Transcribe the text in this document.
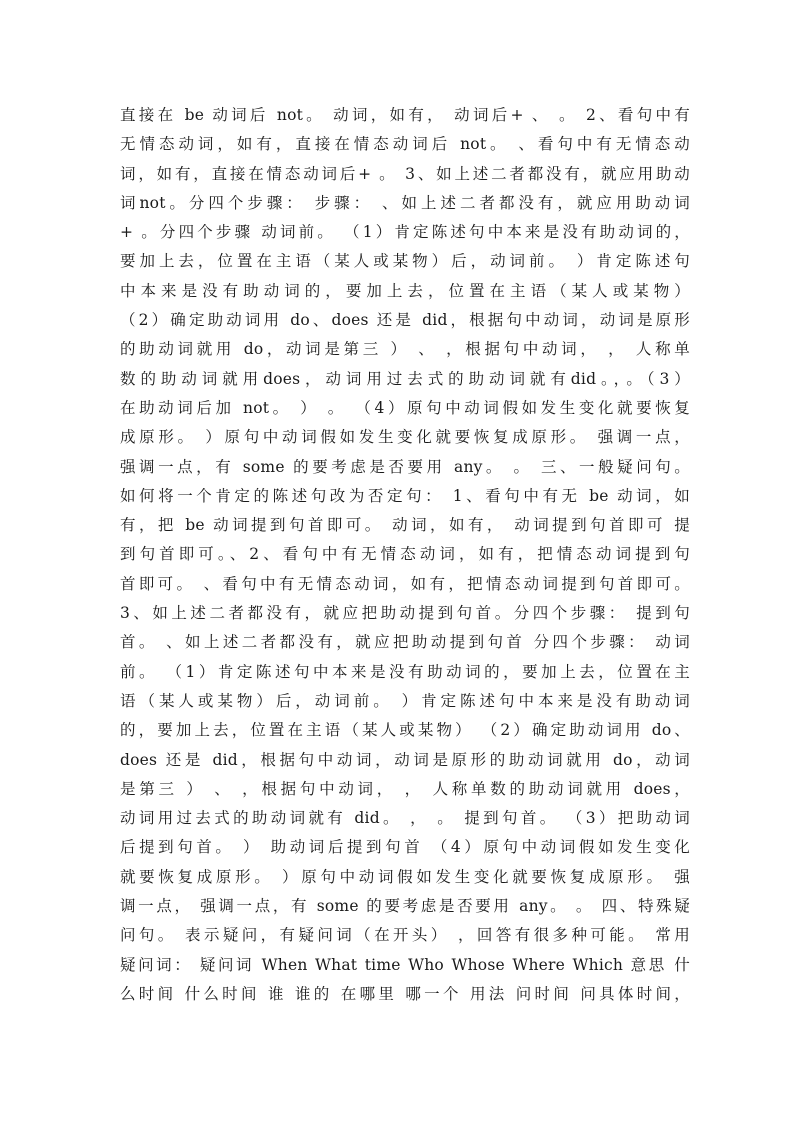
直接在 be 动词后 not。 动词，如有， 动词后+ 、 。 2、看句中有
无情态动词，如有，直接在情态动词后 not。 、看句中有无情态动
词，如有，直接在情态动词后+ 。 3、如上述二者都没有，就应用助动
词not。分四个步骤： 步骤： 、如上述二者都没有，就应用助动词
+ 。分四个步骤 动词前。 （1）肯定陈述句中本来是没有助动词的，
要加上去，位置在主语（某人或某物）后，动词前。 ）肯定陈述句
中本来是没有助动词的，要加上去，位置在主语（某人或某物）
（2）确定助动词用 do、does 还是 did，根据句中动词，动词是原形
的助动词就用 do，动词是第三 ） 、 ，根据句中动词， ， 人称单
数的助动词就用does，动词用过去式的助动词就有did。，。（3）
在助动词后加 not。 ） 。 （4）原句中动词假如发生变化就要恢复
成原形。 ）原句中动词假如发生变化就要恢复成原形。 强调一点，
强调一点，有 some 的要考虑是否要用 any。 。 三、一般疑问句。
如何将一个肯定的陈述句改为否定句： 1、看句中有无 be 动词，如
有，把 be 动词提到句首即可。 动词，如有， 动词提到句首即可 提
到句首即可。、2、看句中有无情态动词，如有，把情态动词提到句
首即可。 、看句中有无情态动词，如有，把情态动词提到句首即可。
3、如上述二者都没有，就应把助动提到句首。分四个步骤： 提到句
首。 、如上述二者都没有，就应把助动提到句首 分四个步骤： 动词
前。 （1）肯定陈述句中本来是没有助动词的，要加上去，位置在主
语（某人或某物）后，动词前。 ）肯定陈述句中本来是没有助动词
的，要加上去，位置在主语（某人或某物） （2）确定助动词用 do、
does 还是 did，根据句中动词，动词是原形的助动词就用 do，动词
是第三 ） 、 ，根据句中动词， ， 人称单数的助动词就用 does，
动词用过去式的助动词就有 did。 ， 。 提到句首。 （3）把助动词
后提到句首。 ） 助动词后提到句首 （4）原句中动词假如发生变化
就要恢复成原形。 ）原句中动词假如发生变化就要恢复成原形。 强
调一点， 强调一点，有 some 的要考虑是否要用 any。 。 四、特殊疑
问句。 表示疑问，有疑问词（在开头） ，回答有很多种可能。 常用
疑问词： 疑问词 When What time Who Whose Where Which 意思 什
么时间 什么时间 谁 谁的 在哪里 哪一个 用法 问时间 问具体时间，
